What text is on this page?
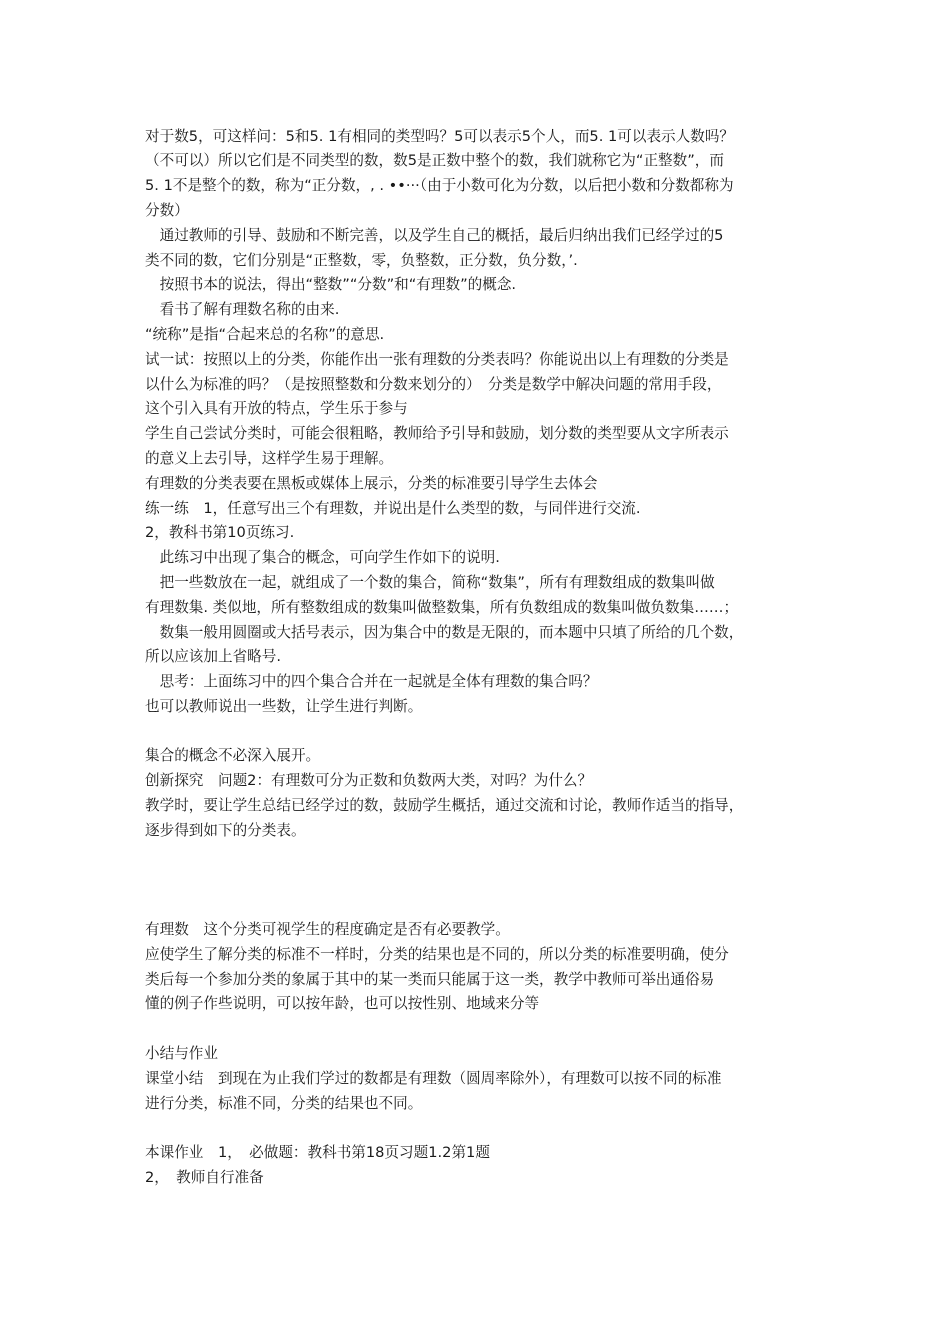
对于数5，可这样问：5和5. 1有相同的类型吗？5可以表示5个人，而5. 1可以表示人数吗？
（不可以）所以它们是不同类型的数，数5是正数中整个的数，我们就称它为“正整数”，而
5. 1不是整个的数，称为“正分数，, . ••···（由于小数可化为分数，以后把小数和分数都称为
分数）
　通过教师的引导、鼓励和不断完善，以及学生自己的概括，最后归纳出我们已经学过的5
类不同的数，它们分别是“正整数，零，负整数，正分数，负分数，’.
　按照书本的说法，得出“整数”“分数”和“有理数”的概念.
　看书了解有理数名称的由来.
“统称”是指“合起来总的名称”的意思.
试一试：按照以上的分类，你能作出一张有理数的分类表吗？你能说出以上有理数的分类是
以什么为标准的吗？（是按照整数和分数来划分的）　分类是数学中解决问题的常用手段，
这个引入具有开放的特点，学生乐于参与
学生自己尝试分类时，可能会很粗略，教师给予引导和鼓励，划分数的类型要从文字所表示
的意义上去引导，这样学生易于理解。
有理数的分类表要在黑板或媒体上展示，分类的标准要引导学生去体会
练一练　1，任意写出三个有理数，并说出是什么类型的数，与同伴进行交流.
2，教科书第10页练习.
　此练习中出现了集合的概念，可向学生作如下的说明.
　把一些数放在一起，就组成了一个数的集合，简称“数集”，所有有理数组成的数集叫做
有理数集. 类似地，所有整数组成的数集叫做整数集，所有负数组成的数集叫做负数集……；
　数集一般用圆圈或大括号表示，因为集合中的数是无限的，而本题中只填了所给的几个数，
所以应该加上省略号.
　思考：上面练习中的四个集合合并在一起就是全体有理数的集合吗？
也可以教师说出一些数，让学生进行判断。
集合的概念不必深入展开。
创新探究　问题2：有理数可分为正数和负数两大类，对吗？为什么？
教学时，要让学生总结已经学过的数，鼓励学生概括，通过交流和讨论，教师作适当的指导，
逐步得到如下的分类表。
有理数　这个分类可视学生的程度确定是否有必要教学。
应使学生了解分类的标准不一样时，分类的结果也是不同的，所以分类的标准要明确，使分
类后每一个参加分类的象属于其中的某一类而只能属于这一类，教学中教师可举出通俗易
懂的例子作些说明，可以按年龄，也可以按性别、地域来分等
小结与作业
课堂小结　到现在为止我们学过的数都是有理数（圆周率除外），有理数可以按不同的标准
进行分类，标准不同，分类的结果也不同。
本课作业　1，　必做题：教科书第18页习题1.2第1题
2，　教师自行准备
